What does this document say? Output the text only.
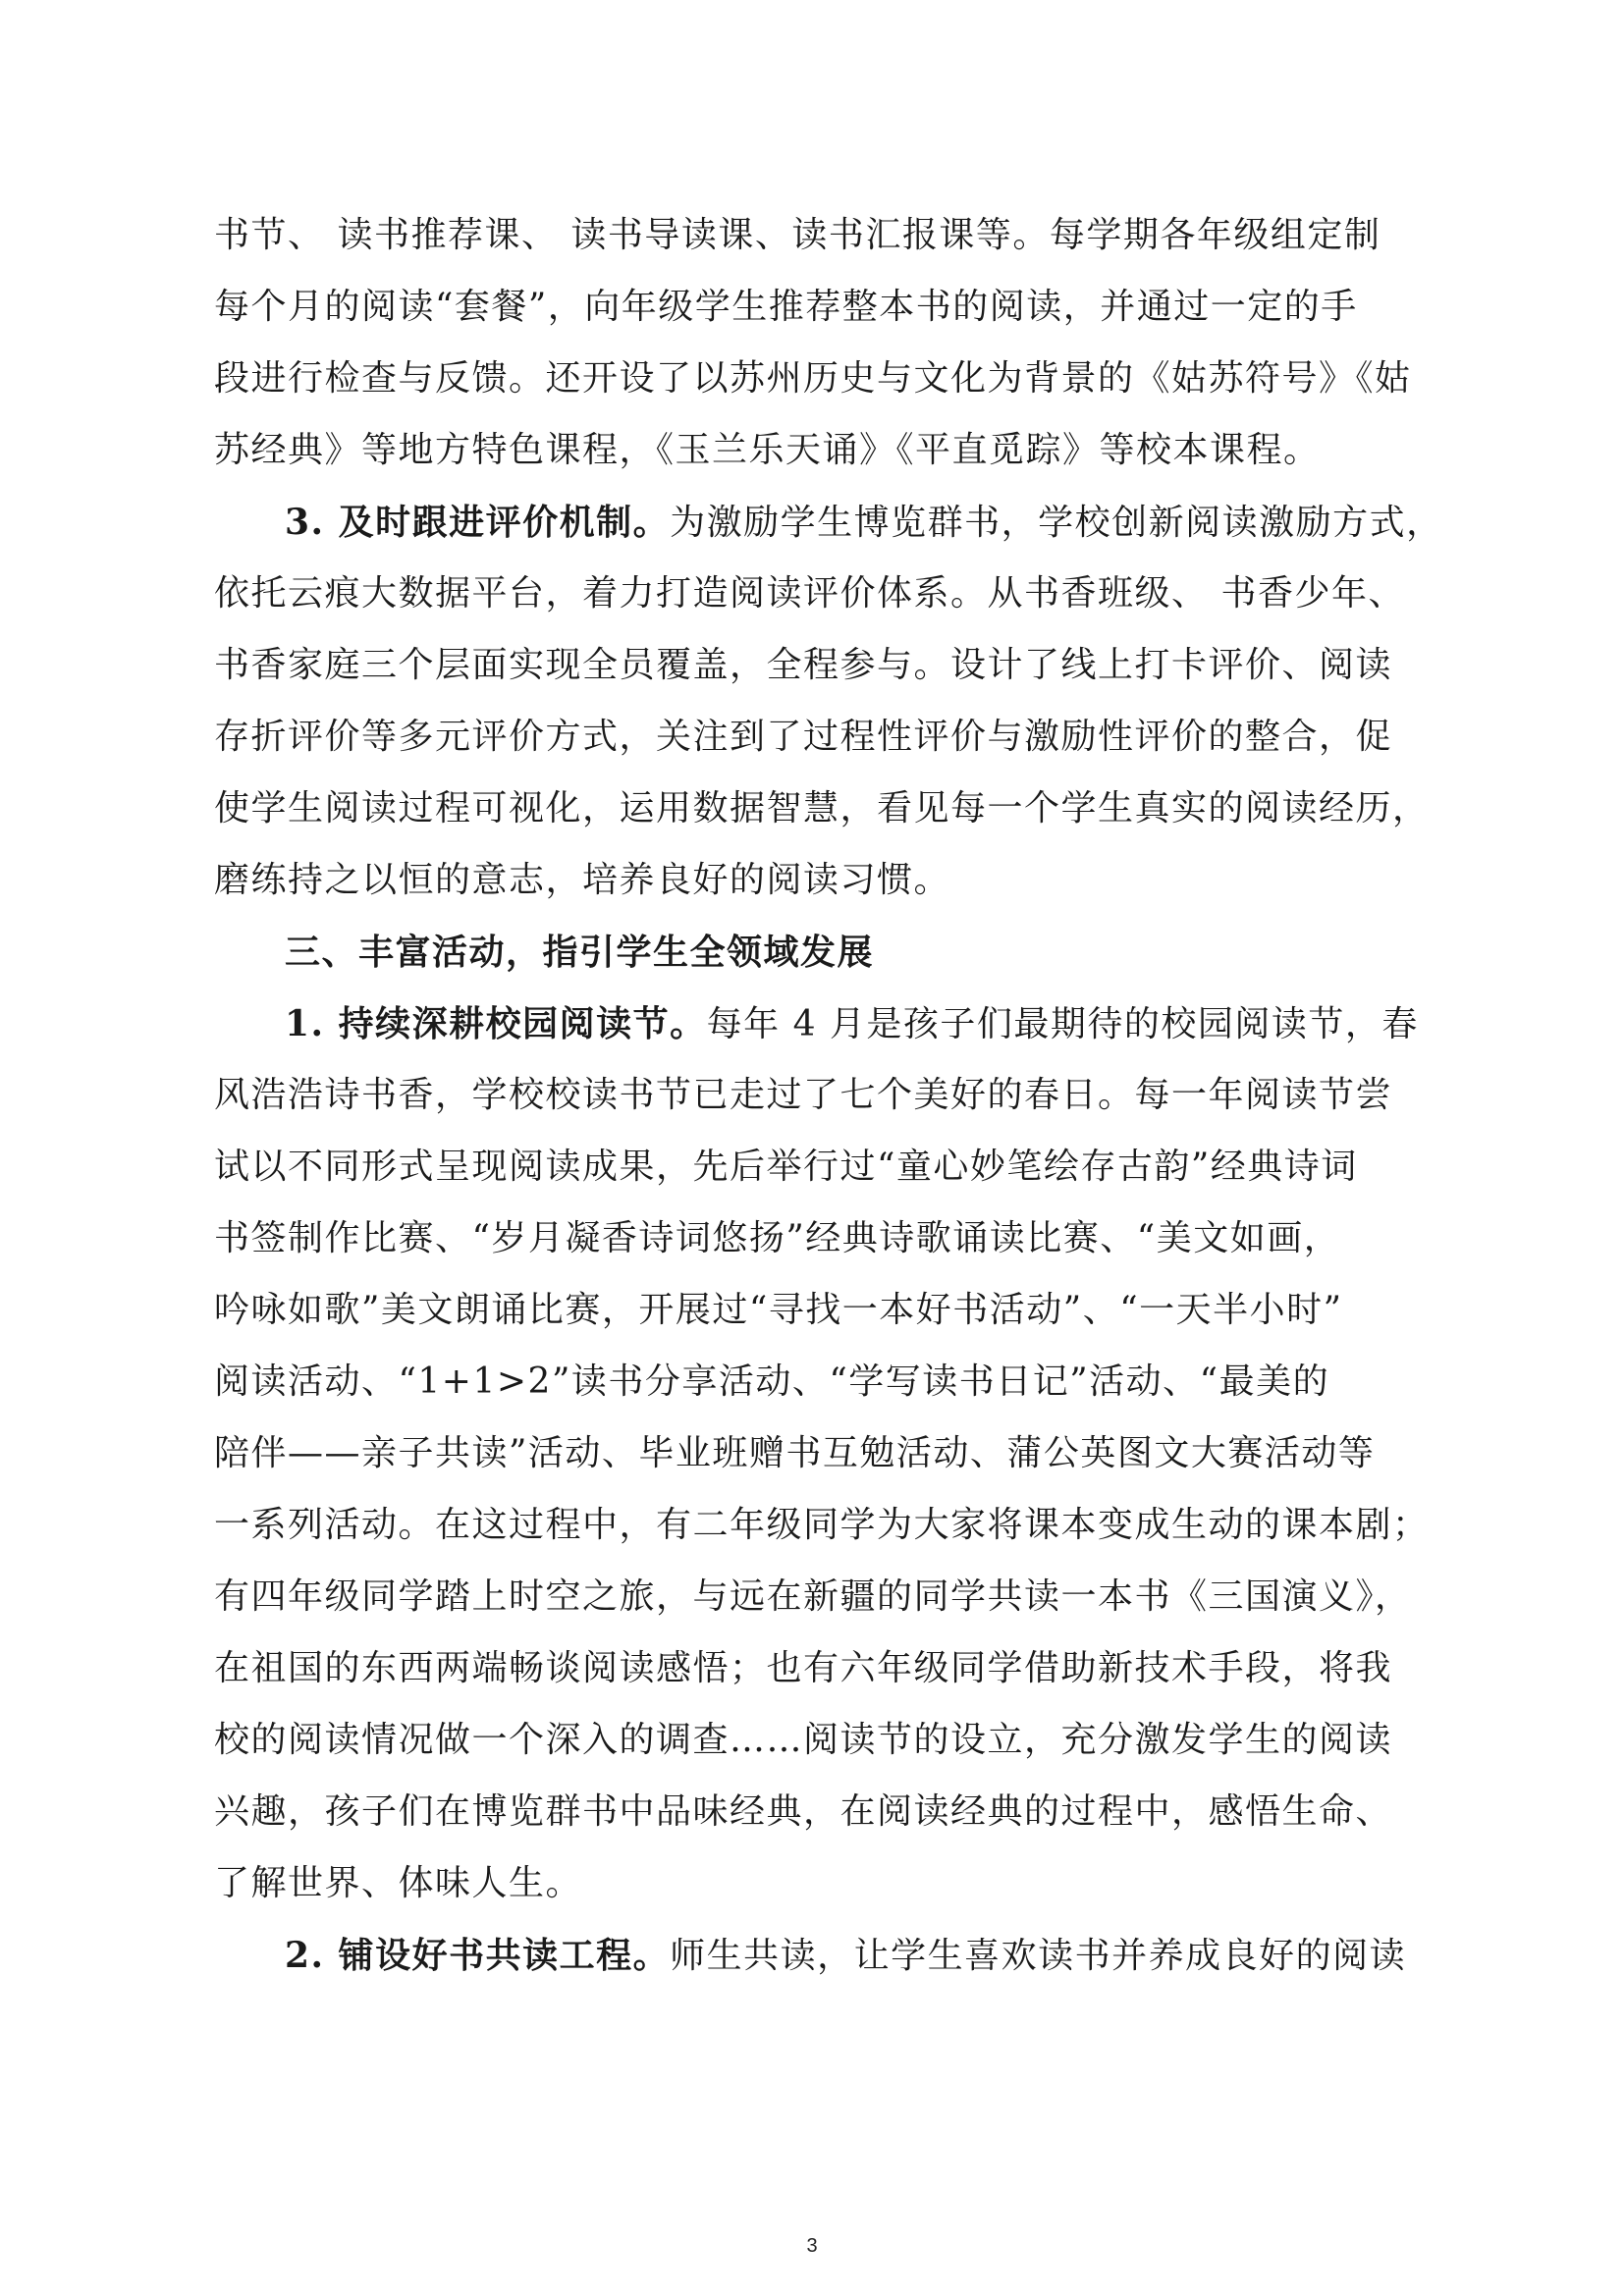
书节、 读书推荐课、 读书导读课、读书汇报课等。每学期各年级组定制
每个月的阅读“套餐”，向年级学生推荐整本书的阅读，并通过一定的手
段进行检查与反馈。还开设了以苏州历史与文化为背景的《姑苏符号》《姑
苏经典》等地方特色课程，《玉兰乐天诵》《平直觅踪》等校本课程。
3. 及时跟进评价机制。为激励学生博览群书，学校创新阅读激励方式，
依托云痕大数据平台，着力打造阅读评价体系。从书香班级、 书香少年、
书香家庭三个层面实现全员覆盖，全程参与。设计了线上打卡评价、阅读
存折评价等多元评价方式，关注到了过程性评价与激励性评价的整合，促
使学生阅读过程可视化，运用数据智慧，看见每一个学生真实的阅读经历，
磨练持之以恒的意志，培养良好的阅读习惯。
三、丰富活动，指引学生全领域发展
1. 持续深耕校园阅读节。每年 4 月是孩子们最期待的校园阅读节，春
风浩浩诗书香，学校校读书节已走过了七个美好的春日。每一年阅读节尝
试以不同形式呈现阅读成果，先后举行过“童心妙笔绘存古韵”经典诗词
书签制作比赛、“岁月凝香诗词悠扬”经典诗歌诵读比赛、“美文如画，
吟咏如歌”美文朗诵比赛，开展过“寻找一本好书活动”、“一天半小时”
阅读活动、“1+1>2”读书分享活动、“学写读书日记”活动、“最美的
陪伴——亲子共读”活动、毕业班赠书互勉活动、蒲公英图文大赛活动等
一系列活动。在这过程中，有二年级同学为大家将课本变成生动的课本剧；
有四年级同学踏上时空之旅，与远在新疆的同学共读一本书《三国演义》，
在祖国的东西两端畅谈阅读感悟；也有六年级同学借助新技术手段，将我
校的阅读情况做一个深入的调查……阅读节的设立，充分激发学生的阅读
兴趣，孩子们在博览群书中品味经典，在阅读经典的过程中，感悟生命、
了解世界、体味人生。
2. 铺设好书共读工程。师生共读，让学生喜欢读书并养成良好的阅读
3
